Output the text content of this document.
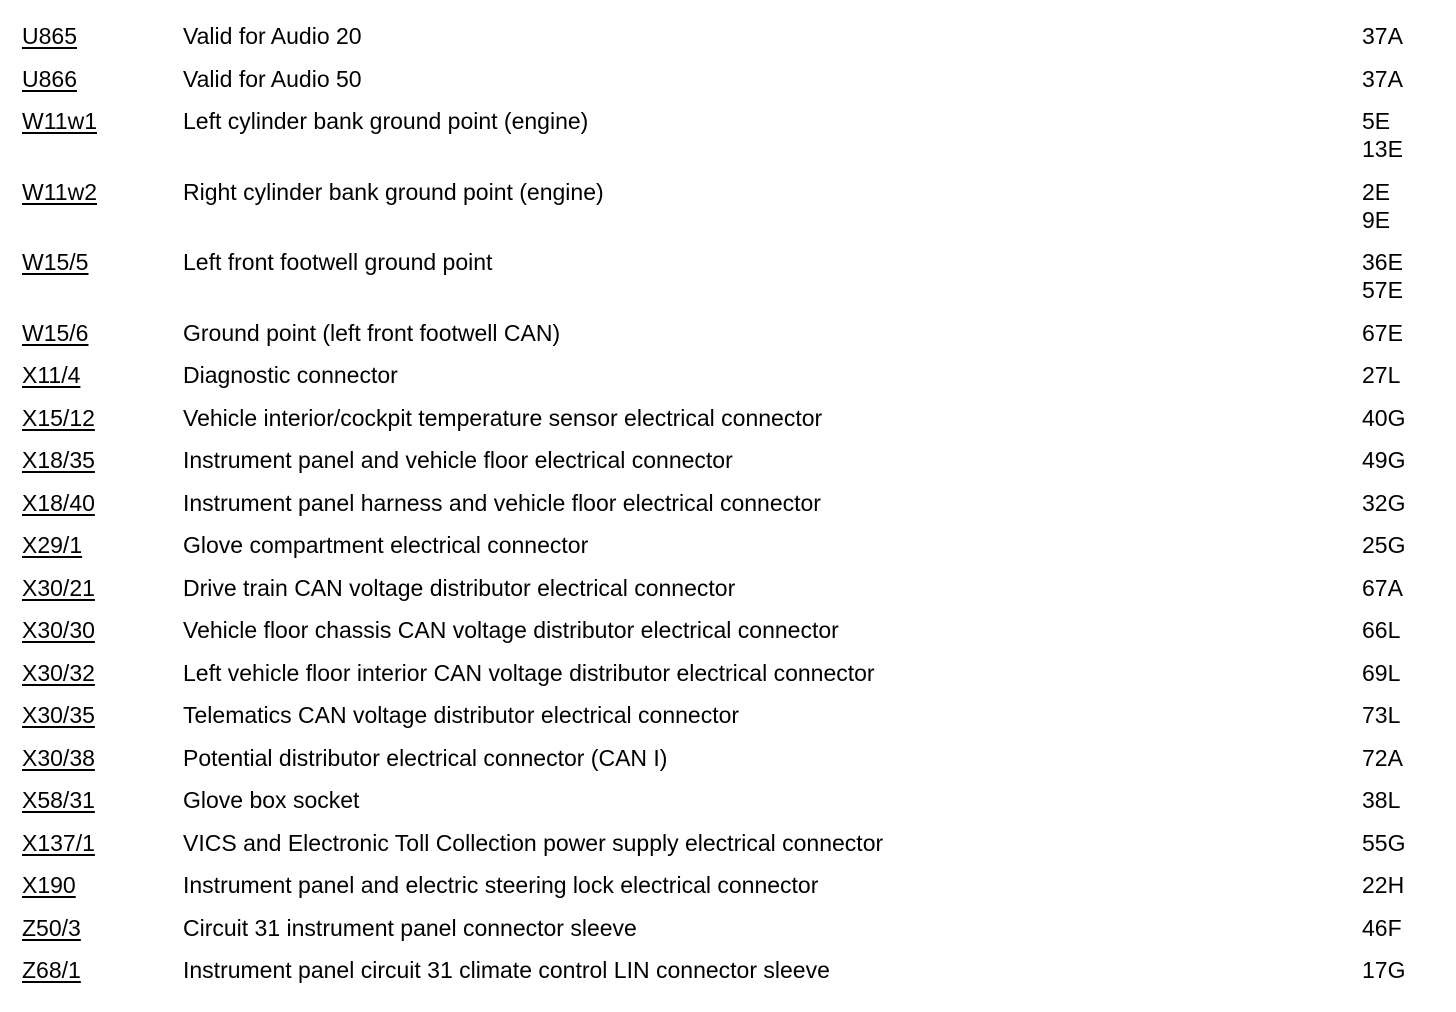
U865	Valid for Audio 20	37A
U866	Valid for Audio 50	37A
W11w1	Left cylinder bank ground point (engine)	5E
13E
W11w2	Right cylinder bank ground point (engine)	2E
9E
W15/5	Left front footwell ground point	36E
57E
W15/6	Ground point (left front footwell CAN)	67E
X11/4	Diagnostic connector	27L
X15/12	Vehicle interior/cockpit temperature sensor electrical connector	40G
X18/35	Instrument panel and vehicle floor electrical connector	49G
X18/40	Instrument panel harness and vehicle floor electrical connector	32G
X29/1	Glove compartment electrical connector	25G
X30/21	Drive train CAN voltage distributor electrical connector	67A
X30/30	Vehicle floor chassis CAN voltage distributor electrical connector	66L
X30/32	Left vehicle floor interior CAN voltage distributor electrical connector	69L
X30/35	Telematics CAN voltage distributor electrical connector	73L
X30/38	Potential distributor electrical connector (CAN I)	72A
X58/31	Glove box socket	38L
X137/1	VICS and Electronic Toll Collection power supply electrical connector	55G
X190	Instrument panel and electric steering lock electrical connector	22H
Z50/3	Circuit 31 instrument panel connector sleeve	46F
Z68/1	Instrument panel circuit 31 climate control LIN connector sleeve	17G
